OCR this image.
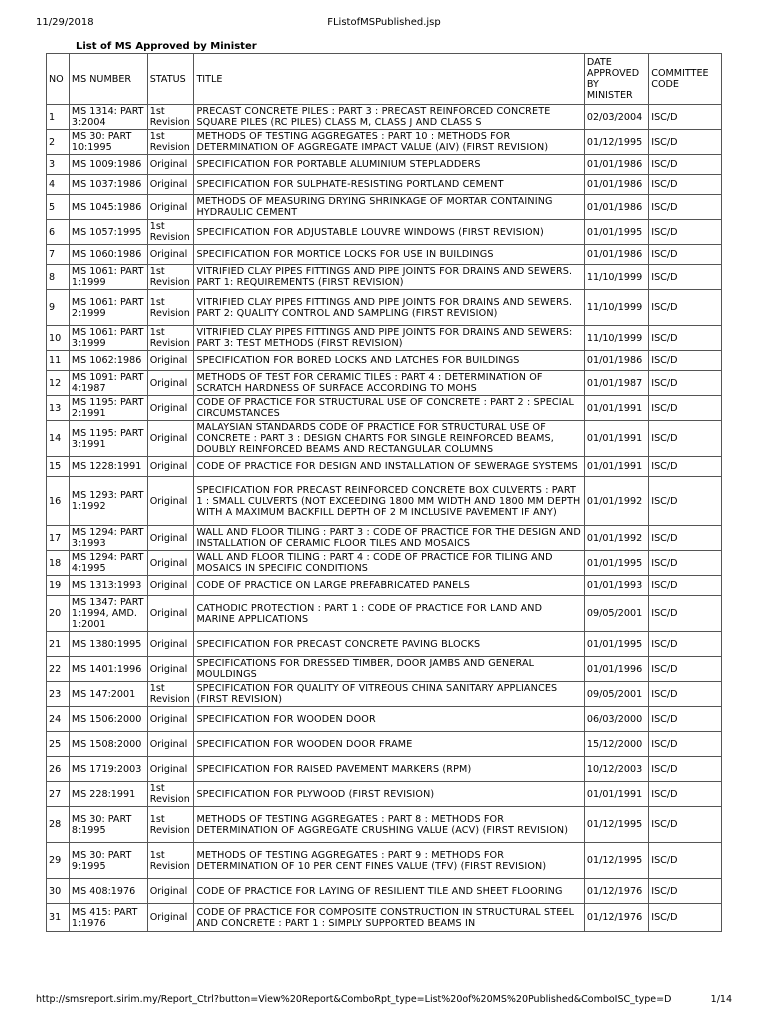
11/29/2018	FListofMSPublished.jsp
List of MS Approved by Minister
NO	MS NUMBER	STATUS	TITLE	DATE APPROVED BY MINISTER	COMMITTEE CODE
1	MS 1314: PART 3:2004	1st Revision	PRECAST CONCRETE PILES : PART 3 : PRECAST REINFORCED CONCRETE SQUARE PILES (RC PILES) CLASS M, CLASS J AND CLASS S	02/03/2004	ISC/D
2	MS 30: PART 10:1995	1st Revision	METHODS OF TESTING AGGREGATES : PART 10 : METHODS FOR DETERMINATION OF AGGREGATE IMPACT VALUE (AIV) (FIRST REVISION)	01/12/1995	ISC/D
3	MS 1009:1986	Original	SPECIFICATION FOR PORTABLE ALUMINIUM STEPLADDERS	01/01/1986	ISC/D
4	MS 1037:1986	Original	SPECIFICATION FOR SULPHATE-RESISTING PORTLAND CEMENT	01/01/1986	ISC/D
5	MS 1045:1986	Original	METHODS OF MEASURING DRYING SHRINKAGE OF MORTAR CONTAINING HYDRAULIC CEMENT	01/01/1986	ISC/D
6	MS 1057:1995	1st Revision	SPECIFICATION FOR ADJUSTABLE LOUVRE WINDOWS (FIRST REVISION)	01/01/1995	ISC/D
7	MS 1060:1986	Original	SPECIFICATION FOR MORTICE LOCKS FOR USE IN BUILDINGS	01/01/1986	ISC/D
8	MS 1061: PART 1:1999	1st Revision	VITRIFIED CLAY PIPES FITTINGS AND PIPE JOINTS FOR DRAINS AND SEWERS. PART 1: REQUIREMENTS (FIRST REVISION)	11/10/1999	ISC/D
9	MS 1061: PART 2:1999	1st Revision	VITRIFIED CLAY PIPES FITTINGS AND PIPE JOINTS FOR DRAINS AND SEWERS. PART 2: QUALITY CONTROL AND SAMPLING (FIRST REVISION)	11/10/1999	ISC/D
10	MS 1061: PART 3:1999	1st Revision	VITRIFIED CLAY PIPES FITTINGS AND PIPE JOINTS FOR DRAINS AND SEWERS: PART 3: TEST METHODS (FIRST REVISION)	11/10/1999	ISC/D
11	MS 1062:1986	Original	SPECIFICATION FOR BORED LOCKS AND LATCHES FOR BUILDINGS	01/01/1986	ISC/D
12	MS 1091: PART 4:1987	Original	METHODS OF TEST FOR CERAMIC TILES : PART 4 : DETERMINATION OF SCRATCH HARDNESS OF SURFACE ACCORDING TO MOHS	01/01/1987	ISC/D
13	MS 1195: PART 2:1991	Original	CODE OF PRACTICE FOR STRUCTURAL USE OF CONCRETE : PART 2 : SPECIAL CIRCUMSTANCES	01/01/1991	ISC/D
14	MS 1195: PART 3:1991	Original	MALAYSIAN STANDARDS CODE OF PRACTICE FOR STRUCTURAL USE OF CONCRETE : PART 3 : DESIGN CHARTS FOR SINGLE REINFORCED BEAMS, DOUBLY REINFORCED BEAMS AND RECTANGULAR COLUMNS	01/01/1991	ISC/D
15	MS 1228:1991	Original	CODE OF PRACTICE FOR DESIGN AND INSTALLATION OF SEWERAGE SYSTEMS	01/01/1991	ISC/D
16	MS 1293: PART 1:1992	Original	SPECIFICATION FOR PRECAST REINFORCED CONCRETE BOX CULVERTS : PART 1 : SMALL CULVERTS (NOT EXCEEDING 1800 MM WIDTH AND 1800 MM DEPTH WITH A MAXIMUM BACKFILL DEPTH OF 2 M INCLUSIVE PAVEMENT IF ANY)	01/01/1992	ISC/D
17	MS 1294: PART 3:1993	Original	WALL AND FLOOR TILING : PART 3 : CODE OF PRACTICE FOR THE DESIGN AND INSTALLATION OF CERAMIC FLOOR TILES AND MOSAICS	01/01/1992	ISC/D
18	MS 1294: PART 4:1995	Original	WALL AND FLOOR TILING : PART 4 : CODE OF PRACTICE FOR TILING AND MOSAICS IN SPECIFIC CONDITIONS	01/01/1995	ISC/D
19	MS 1313:1993	Original	CODE OF PRACTICE ON LARGE PREFABRICATED PANELS	01/01/1993	ISC/D
20	MS 1347: PART 1:1994, AMD. 1:2001	Original	CATHODIC PROTECTION : PART 1 : CODE OF PRACTICE FOR LAND AND MARINE APPLICATIONS	09/05/2001	ISC/D
21	MS 1380:1995	Original	SPECIFICATION FOR PRECAST CONCRETE PAVING BLOCKS	01/01/1995	ISC/D
22	MS 1401:1996	Original	SPECIFICATIONS FOR DRESSED TIMBER, DOOR JAMBS AND GENERAL MOULDINGS	01/01/1996	ISC/D
23	MS 147:2001	1st Revision	SPECIFICATION FOR QUALITY OF VITREOUS CHINA SANITARY APPLIANCES (FIRST REVISION)	09/05/2001	ISC/D
24	MS 1506:2000	Original	SPECIFICATION FOR WOODEN DOOR	06/03/2000	ISC/D
25	MS 1508:2000	Original	SPECIFICATION FOR WOODEN DOOR FRAME	15/12/2000	ISC/D
26	MS 1719:2003	Original	SPECIFICATION FOR RAISED PAVEMENT MARKERS (RPM)	10/12/2003	ISC/D
27	MS 228:1991	1st Revision	SPECIFICATION FOR PLYWOOD (FIRST REVISION)	01/01/1991	ISC/D
28	MS 30: PART 8:1995	1st Revision	METHODS OF TESTING AGGREGATES : PART 8 : METHODS FOR DETERMINATION OF AGGREGATE CRUSHING VALUE (ACV) (FIRST REVISION)	01/12/1995	ISC/D
29	MS 30: PART 9:1995	1st Revision	METHODS OF TESTING AGGREGATES : PART 9 : METHODS FOR DETERMINATION OF 10 PER CENT FINES VALUE (TFV) (FIRST REVISION)	01/12/1995	ISC/D
30	MS 408:1976	Original	CODE OF PRACTICE FOR LAYING OF RESILIENT TILE AND SHEET FLOORING	01/12/1976	ISC/D
31	MS 415: PART 1:1976	Original	CODE OF PRACTICE FOR COMPOSITE CONSTRUCTION IN STRUCTURAL STEEL AND CONCRETE : PART 1 : SIMPLY SUPPORTED BEAMS IN	01/12/1976	ISC/D
http://smsreport.sirim.my/Report_Ctrl?button=View%20Report&ComboRpt_type=List%20of%20MS%20Published&ComboISC_type=D	1/14
